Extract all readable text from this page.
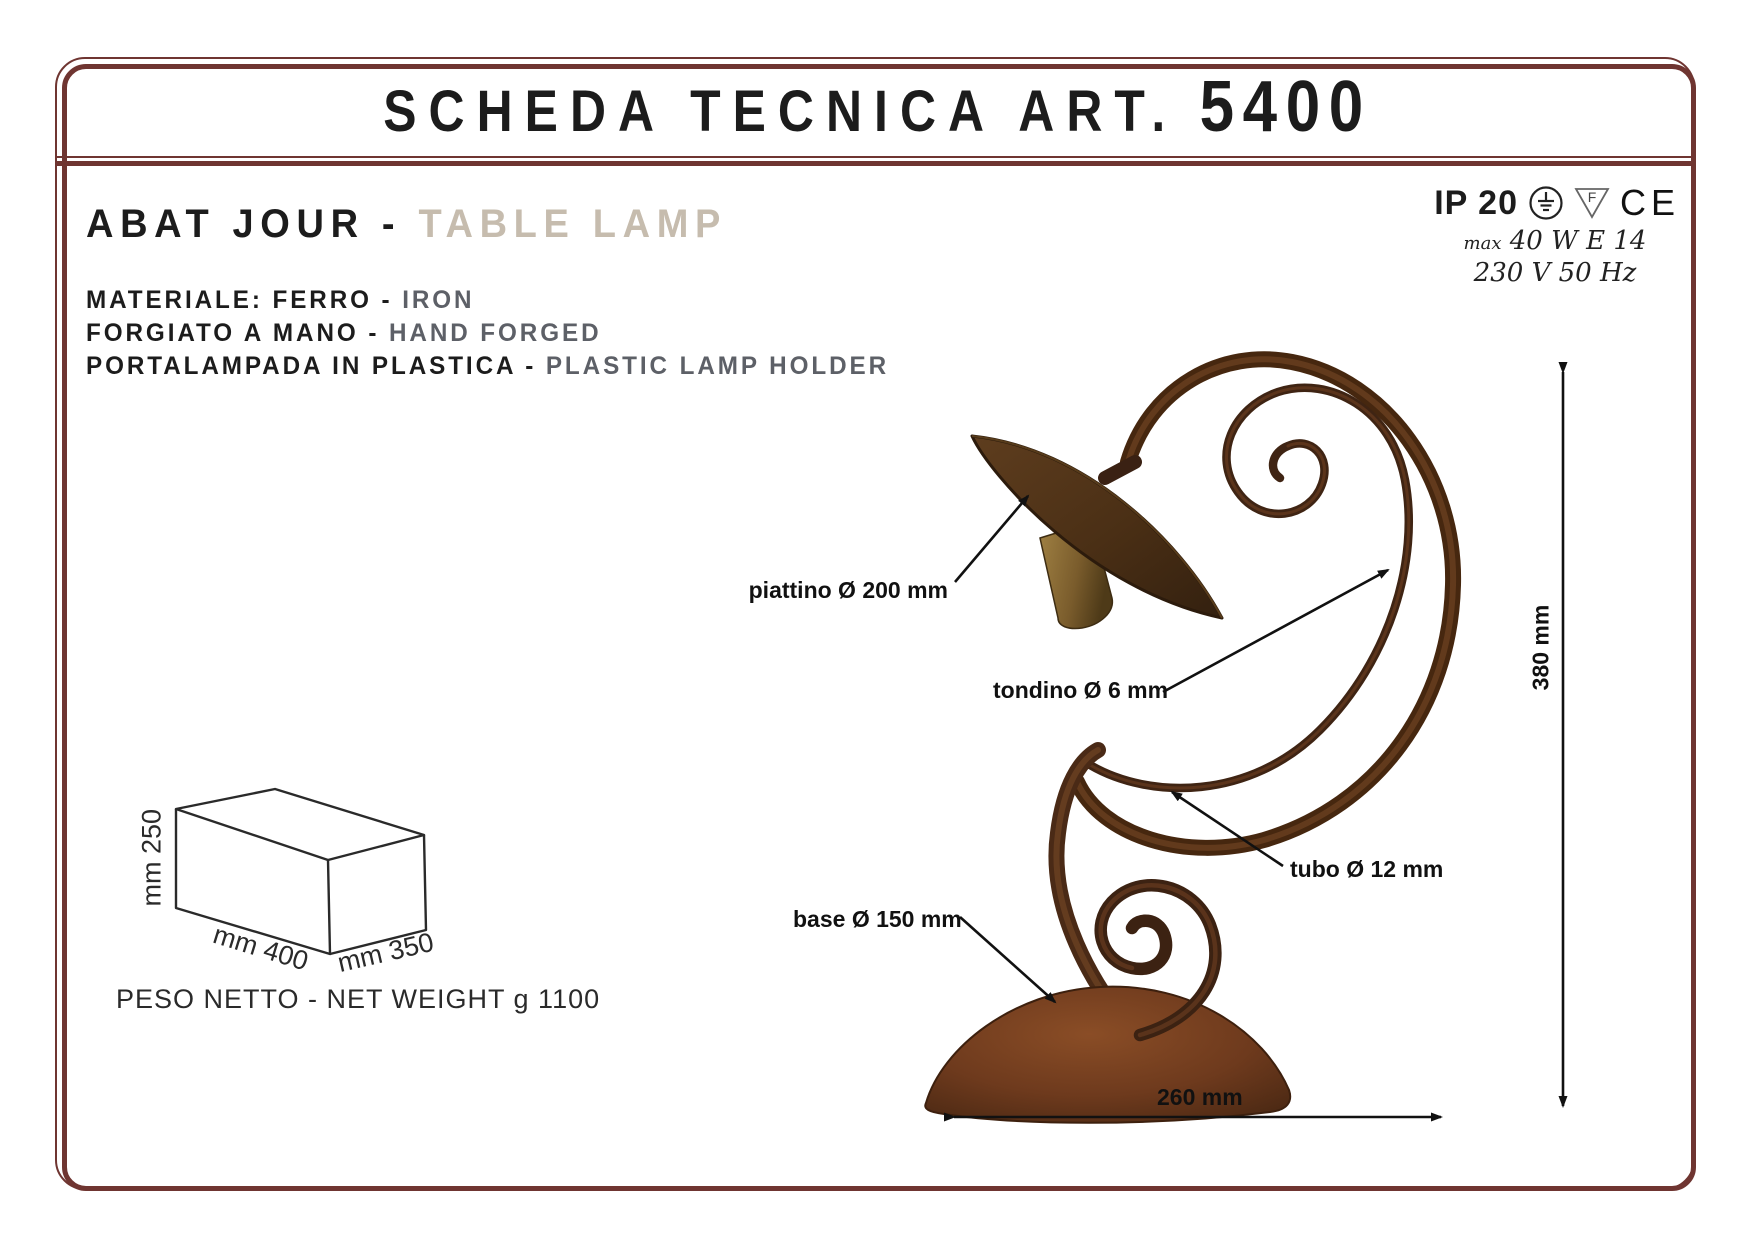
SCHEDA TECNICA ART. 5400
ABAT JOUR - TABLE LAMP
MATERIALE: FERRO - IRON
FORGIATO A MANO - HAND FORGED
PORTALAMPADA IN PLASTICA - PLASTIC LAMP HOLDER
IP 20	F CE
max 40 W E 14
230 V 50 Hz
piattino Ø 200 mm
tondino Ø 6 mm
tubo Ø 12 mm
base Ø 150 mm
380 mm
260 mm
mm 250
mm 400 mm 350
PESO NETTO - NET WEIGHT g 1100
